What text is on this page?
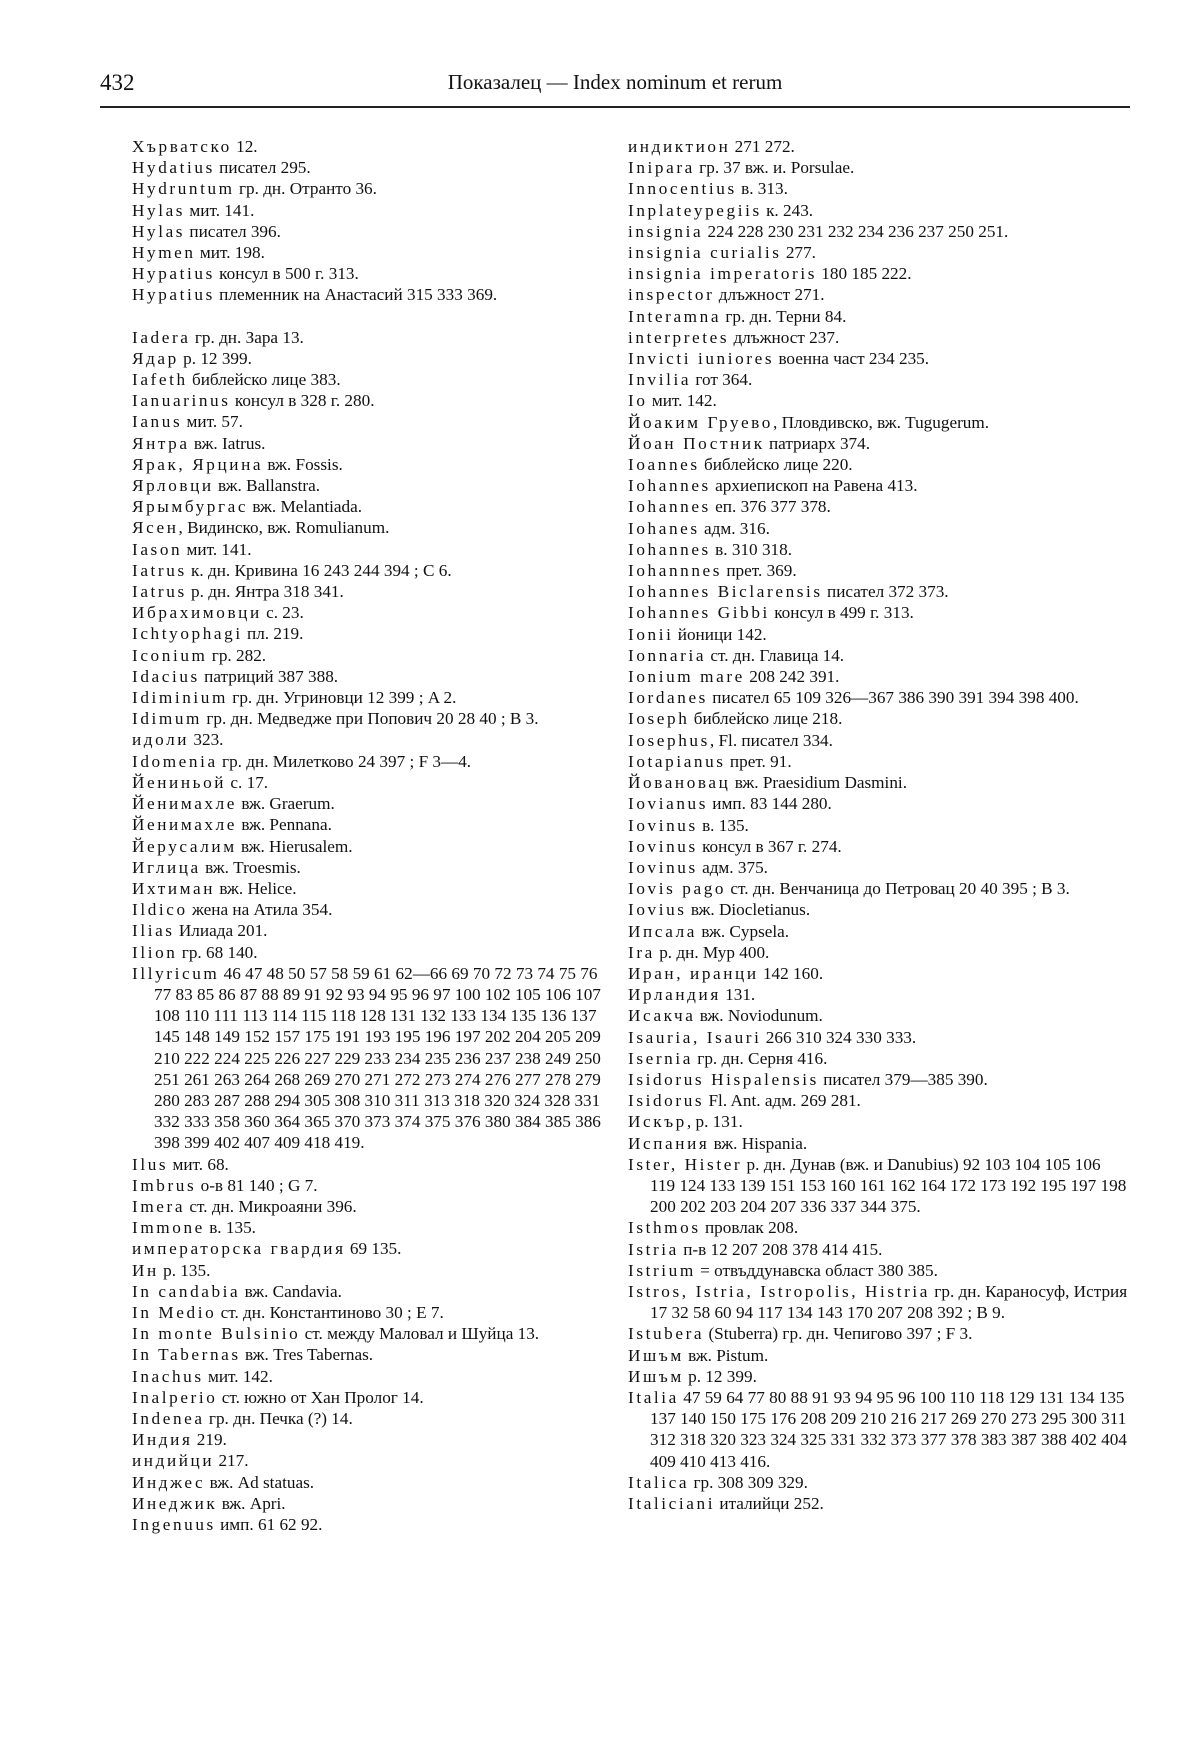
432	Показалец — Index nominum et rerum

Хърватско 12.

Hydatius писател 295.

Hydruntum гр. дн. Отранто 36.

Hylas мит. 141.

Hylas писател 396.

Hymen мит. 198.

Hypatius консул в 500 г. 313.

Hypatius племенник на Анастасий 315 333 369.

Iadera гр. дн. Зара 13.

Ядар р. 12 399.

Iafeth библейско лице 383.

Ianuarinus консул в 328 г. 280.

Ianus мит. 57.

Янтра вж. Iatrus.

Ярак, Ярцина вж. Fossis.

Ярловци вж. Ballanstra.

Ярымбургас вж. Melantiada.

Ясен, Видинско, вж. Romulianum.

Iason мит. 141.

Iatrus к. дн. Кривина 16 243 244 394 ; С 6.

Iatrus р. дн. Янтра 318 341.

Ибрахимовци с. 23.

Ichtyophagi пл. 219.

Iconium гр. 282.

Idacius патриций 387 388.

Idiminium гр. дн. Угриновци 12 399 ; A 2.

Idimum гр. дн. Медведже при Попович 20 28 40 ; В 3.

идоли 323.

Idomenia гр. дн. Милетково 24 397 ; F 3—4.

Йениньой с. 17.

Йенимахле вж. Graerum.

Йенимахле вж. Pennana.

Йерусалим вж. Hierusalem.

Иглица вж. Troesmis.

Ихтиман вж. Helice.

Ildico жена на Атила 354.

Ilias Илиада 201.

Ilion гр. 68 140.

Illyricum 46 47 48 50 57 58 59 61 62—66 69 70 72 73 74 75 76 77 83 85 86 87 88 89 91 92 93 94 95 96 97 100 102 105 106 107 108 110 111 113 114 115 118 128 131 132 133 134 135 136 137 145 148 149 152 157 175 191 193 195 196 197 202 204 205 209 210 222 224 225 226 227 229 233 234 235 236 237 238 249 250 251 261 263 264 268 269 270 271 272 273 274 276 277 278 279 280 283 287 288 294 305 308 310 311 313 318 320 324 328 331 332 333 358 360 364 365 370 373 374 375 376 380 384 385 386 398 399 402 407 409 418 419.

Ilus мит. 68.

Imbrus о-в 81 140 ; G 7.

Imera ст. дн. Микроаяни 396.

Immone в. 135.

императорска гвардия 69 135.

Ин р. 135.

In candabia вж. Candavia.

In Medio ст. дн. Константиново 30 ; E 7.

In monte Bulsinio ст. между Маловал и Шуйца 13.

In Tabernas вж. Tres Tabernas.

Inachus мит. 142.

Inalperio ст. южно от Хан Пролог 14.

Indenea гр. дн. Печка (?) 14.

Индия 219.

индийци 217.

Инджес вж. Ad statuas.

Инеджик вж. Apri.

Ingenuus имп. 61 62 92.

индиктион 271 272.

Inipara гр. 37 вж. и. Porsulae.

Innocentius в. 313.

Inplateypegiis к. 243.

insignia 224 228 230 231 232 234 236 237 250 251.

insignia curialis 277.

insignia imperatoris 180 185 222.

inspector длъжност 271.

Interamna гр. дн. Терни 84.

interpretes длъжност 237.

Invicti iuniores военна част 234 235.

Invilia гот 364.

Io мит. 142.

Йоаким Груево, Пловдивско, вж. Tugugerum.

Йоан Постник патриарх 374.

Ioannes библейско лице 220.

Iohannes архиепископ на Равена 413.

Iohannes еп. 376 377 378.

Iohanes адм. 316.

Iohannes в. 310 318.

Iohannnes прет. 369.

Iohannes Biclarensis писател 372 373.

Iohannes Gibbi консул в 499 г. 313.

Ionii йоници 142.

Ionnaria ст. дн. Главица 14.

Ionium mare 208 242 391.

Iordanes писател 65 109 326—367 386 390 391 394 398 400.

Ioseph библейско лице 218.

Iosephus, Fl. писател 334.

Iotapianus прет. 91.

Йовановац вж. Praesidium Dasmini.

Iovianus имп. 83 144 280.

Iovinus в. 135.

Iovinus консул в 367 г. 274.

Iovinus адм. 375.

Iovis pago ст. дн. Венчаница до Петровац 20 40 395 ; В 3.

Iovius вж. Diocletianus.

Ипсала вж. Cypsela.

Ira р. дн. Мур 400.

Иран, иранци 142 160.

Ирландия 131.

Исакча вж. Noviodunum.

Isauria, Isauri 266 310 324 330 333.

Isernia гр. дн. Серня 416.

Isidorus Hispalensis писател 379—385 390.

Isidorus Fl. Ant. адм. 269 281.

Искър, р. 131.

Испания вж. Hispania.

Ister, Hister р. дн. Дунав (вж. и Danubius) 92 103 104 105 106 119 124 133 139 151 153 160 161 162 164 172 173 192 195 197 198 200 202 203 204 207 336 337 344 375.

Isthmos провлак 208.

Istria п-в 12 207 208 378 414 415.

Istrium = отвъддунавска област 380 385.

Istros, Istria, Istropolis, Histria гр. дн. Караносуф, Истрия 17 32 58 60 94 117 134 143 170 207 208 392 ; В 9.

Istubera (Stuberra) гр. дн. Чепигово 397 ; F 3.

Ишъм вж. Pistum.

Ишъм р. 12 399.

Italia 47 59 64 77 80 88 91 93 94 95 96 100 110 118 129 131 134 135 137 140 150 175 176 208 209 210 216 217 269 270 273 295 300 311 312 318 320 323 324 325 331 332 373 377 378 383 387 388 402 404 409 410 413 416.

Italica гр. 308 309 329.

Italiciani италийци 252.
